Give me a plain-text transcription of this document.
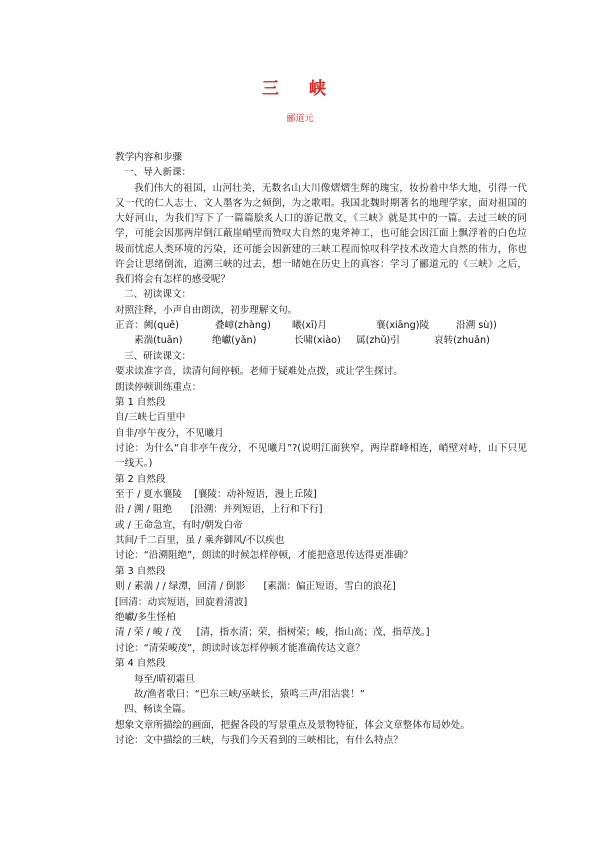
三 峡
郦道元
教学内容和步骤
一、导入新课：
我们伟大的祖国，山河壮美，无数名山大川像熠熠生辉的瑰宝，妆扮着中华大地，引得一代又一代的仁人志士、文人墨客为之倾倒，为之歌唱。我国北魏时期著名的地理学家，面对祖国的大好河山，为我们写下了一篇篇脍炙人口的游记散文，《三峡》就是其中的一篇。去过三峡的同学，可能会因那两岸倒江蔽崖峭壁而赞叹大自然的鬼斧神工，也可能会因江面上飘浮着的白色垃圾而忧虑人类环境的污染，还可能会因新建的三峡工程而惊叹科学技术改造大自然的伟力，你也许会让思绪倒流，追溯三峡的过去，想一睹她在历史上的真容：学习了郦道元的《三峡》之后，我们将会有怎样的感受呢？
二、初读课文：
对照注释，小声自由朗读，初步理解文句。
正音：阙(quē)	叠嶂(zhàng) 曦(xī)月	襄(xiāng)陵	沿溯 sù))
素湍(tuān)	绝巘(yǎn)	长啸(xiào) 属(zhǔ)引	哀转(zhuǎn)
三、研读课文：
要求读准字音，读清句间停顿。老师于疑难处点拨，或让学生探讨。
朗读停顿训练重点：
第 1 自然段
自/三峡七百里中
自非/亭午夜分，不见曦月
讨论：为什么“自非亭午夜分，不见曦月”?(说明江面狭窄，两岸群峰相连，峭壁对峙，山下只见一线天。)
第 2 自然段
至于 / 夏水襄陵    [襄陵：动补短语，漫上丘陵]
沿 / 溯 / 阻绝      [沿溯：并列短语，上行和下行]
或 / 王命急宣，有时/朝发白帝
其间/千二百里，虽 / 乘奔御风/不以疾也
讨论：“沿溯阻绝”，朗读的时候怎样停顿，才能把意思传达得更准确？
第 3 自然段
则 / 素湍 / / 绿潭，回清 / 倒影      [素湍：偏正短语，雪白的浪花]
[回清：动宾短语，回旋着清波]
绝巘/多生怪柏
清 / 荣 / 峻 / 茂     [清，指水清；荣，指树荣；峻，指山高；茂，指草茂。]
讨论：“清荣峻茂”，朗读时该怎样停顿才能准确传达文意？
第 4 自然段
每至/晴初霜旦
故/渔者歌曰：“巴东三峡/巫峡长，猿鸣三声/泪沾裳！”
四、畅读全篇。
想象文章所描绘的画面，把握各段的写景重点及景物特征，体会文章整体布局妙处。
讨论：文中描绘的三峡，与我们今天看到的三峡相比，有什么特点？
